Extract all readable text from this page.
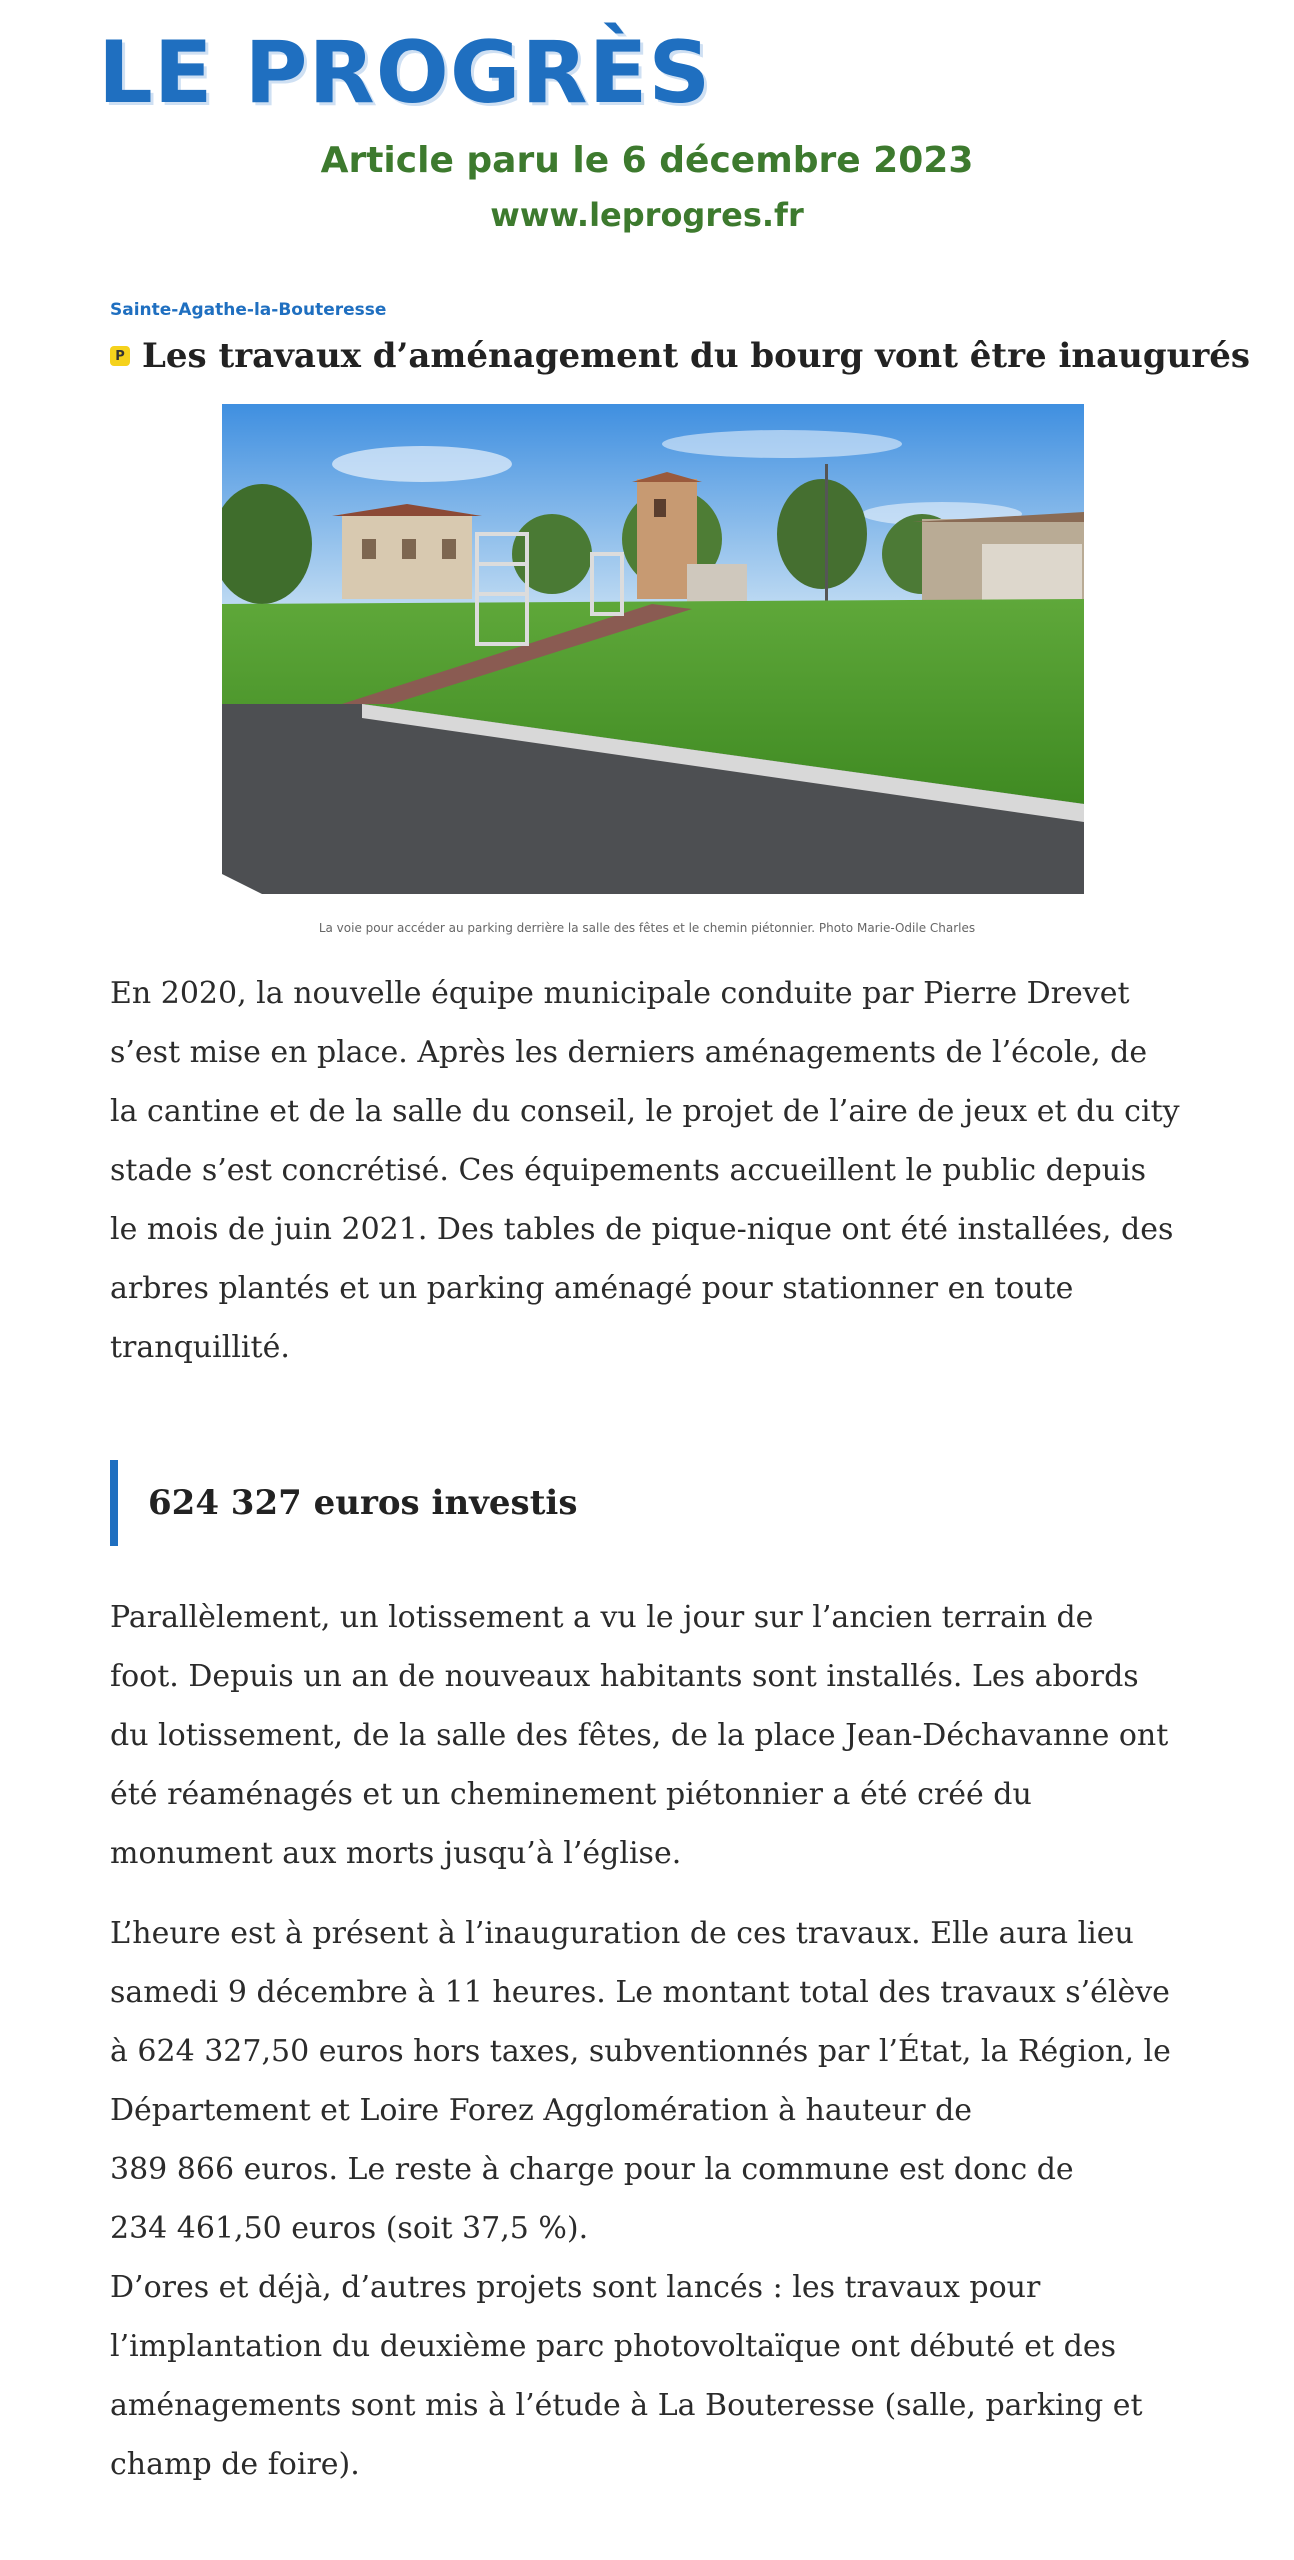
LE PROGRÈS
Article paru le 6 décembre 2023
www.leprogres.fr
Sainte-Agathe-la-Bouteresse
P Les travaux d’aménagement du bourg vont être inaugurés
La voie pour accéder au parking derrière la salle des fêtes et le chemin piétonnier. Photo Marie-Odile Charles
En 2020, la nouvelle équipe municipale conduite par Pierre Drevet
s’est mise en place. Après les derniers aménagements de l’école, de
la cantine et de la salle du conseil, le projet de l’aire de jeux et du city
stade s’est concrétisé. Ces équipements accueillent le public depuis
le mois de juin 2021. Des tables de pique-nique ont été installées, des
arbres plantés et un parking aménagé pour stationner en toute
tranquillité.
624 327 euros investis
Parallèlement, un lotissement a vu le jour sur l’ancien terrain de
foot. Depuis un an de nouveaux habitants sont installés. Les abords
du lotissement, de la salle des fêtes, de la place Jean-Déchavanne ont
été réaménagés et un cheminement piétonnier a été créé du
monument aux morts jusqu’à l’église.
L’heure est à présent à l’inauguration de ces travaux. Elle aura lieu
samedi 9 décembre à 11 heures. Le montant total des travaux s’élève
à 624 327,50 euros hors taxes, subventionnés par l’État, la Région, le
Département et Loire Forez Agglomération à hauteur de
389 866 euros. Le reste à charge pour la commune est donc de
234 461,50 euros (soit 37,5 %).
D’ores et déjà, d’autres projets sont lancés : les travaux pour
l’implantation du deuxième parc photovoltaïque ont débuté et des
aménagements sont mis à l’étude à La Bouteresse (salle, parking et
champ de foire).
